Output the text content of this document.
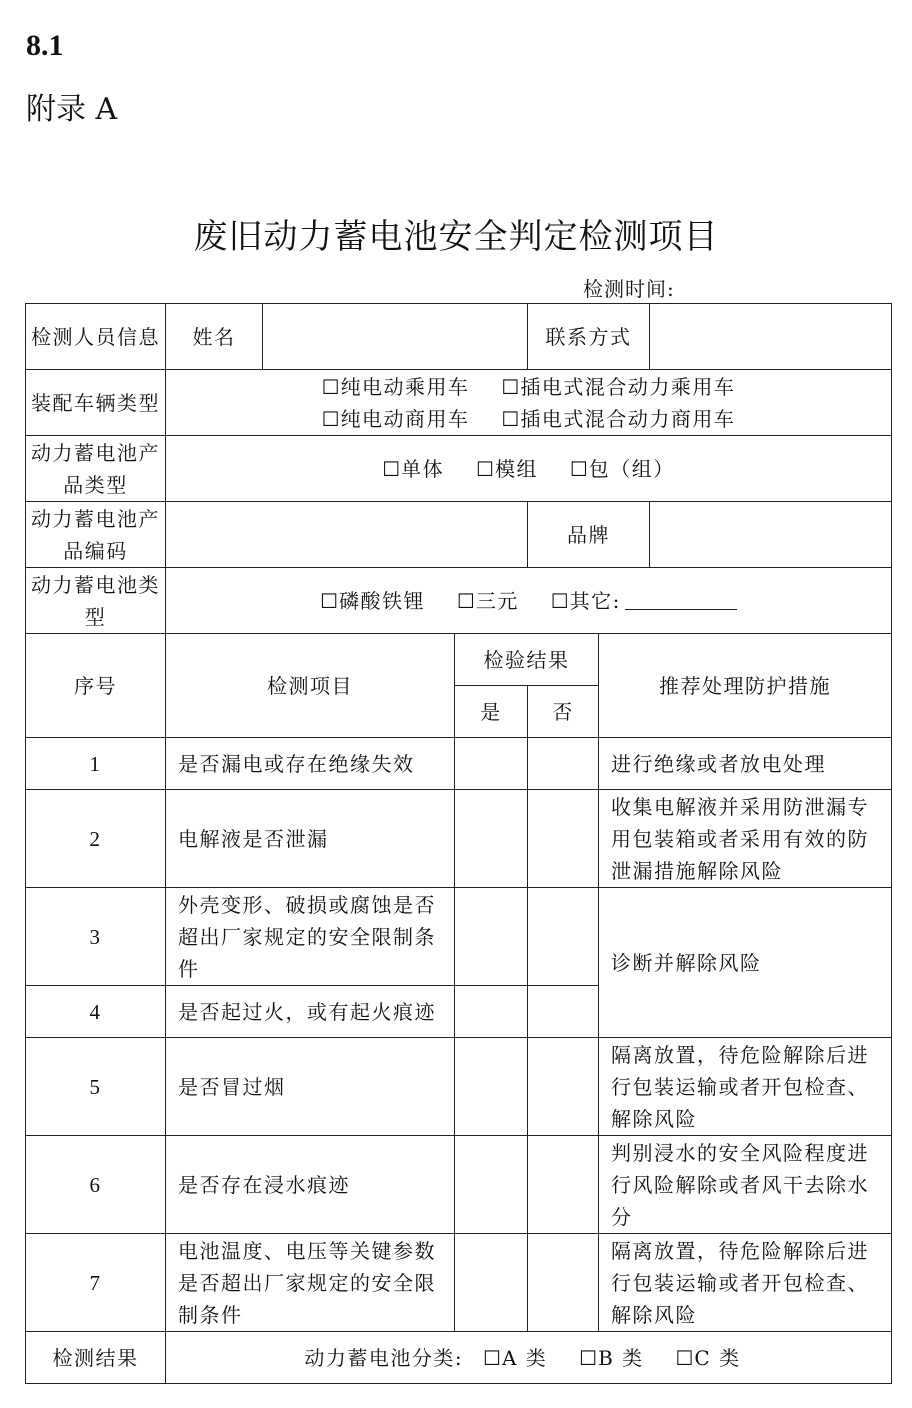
8.1
附录 A
废旧动力蓄电池安全判定检测项目
检测时间:
检测人员信息	姓名			联系方式		
装配车辆类型	☐纯电动乘用车 ☐插电式混合动力乘用车
☐纯电动商用车 ☐插电式混合动力商用车					

动力蓄电池产品类型	☐单体 ☐模组 ☐包（组）					
动力蓄电池产品编码				品牌		
动力蓄电池类型	☐磷酸铁锂 ☐三元 ☐其它:					
序号	检测项目		检验结果		推荐处理防护措施	
			是	否		
1	是否漏电或存在绝缘失效				进行绝缘或者放电处理	
2	电解液是否泄漏				收集电解液并采用防泄漏专用包装箱或者采用有效的防泄漏措施解除风险	
3	外壳变形、破损或腐蚀是否超出厂家规定的安全限制条件				诊断并解除风险	
4	是否起过火，或有起火痕迹					
5	是否冒过烟				隔离放置，待危险解除后进行包装运输或者开包检查、解除风险	
6	是否存在浸水痕迹				判别浸水的安全风险程度进行风险解除或者风干去除水分	
7	电池温度、电压等关键参数是否超出厂家规定的安全限制条件				隔离放置，待危险解除后进行包装运输或者开包检查、解除风险	
检测结果	动力蓄电池分类: ☐A 类 ☐B 类 ☐C 类					
